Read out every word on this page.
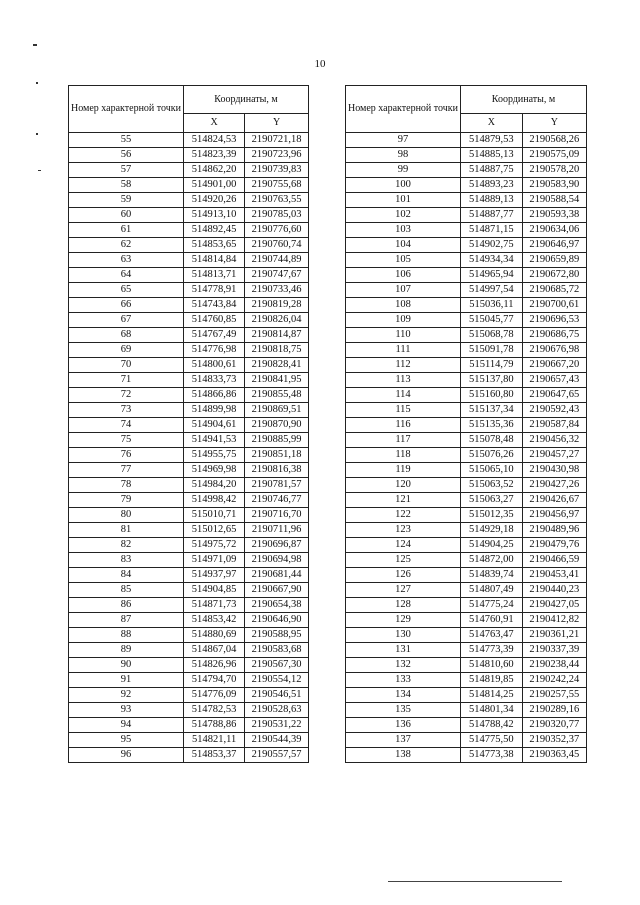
10
Номер характерной точки	Координаты, м	
	X	Y
55	514824,53	2190721,18
56	514823,39	2190723,96
57	514862,20	2190739,83
58	514901,00	2190755,68
59	514920,26	2190763,55
60	514913,10	2190785,03
61	514892,45	2190776,60
62	514853,65	2190760,74
63	514814,84	2190744,89
64	514813,71	2190747,67
65	514778,91	2190733,46
66	514743,84	2190819,28
67	514760,85	2190826,04
68	514767,49	2190814,87
69	514776,98	2190818,75
70	514800,61	2190828,41
71	514833,73	2190841,95
72	514866,86	2190855,48
73	514899,98	2190869,51
74	514904,61	2190870,90
75	514941,53	2190885,99
76	514955,75	2190851,18
77	514969,98	2190816,38
78	514984,20	2190781,57
79	514998,42	2190746,77
80	515010,71	2190716,70
81	515012,65	2190711,96
82	514975,72	2190696,87
83	514971,09	2190694,98
84	514937,97	2190681,44
85	514904,85	2190667,90
86	514871,73	2190654,38
87	514853,42	2190646,90
88	514880,69	2190588,95
89	514867,04	2190583,68
90	514826,96	2190567,30
91	514794,70	2190554,12
92	514776,09	2190546,51
93	514782,53	2190528,63
94	514788,86	2190531,22
95	514821,11	2190544,39
96	514853,37	2190557,57
Номер характерной точки	Координаты, м	
	X	Y
97	514879,53	2190568,26
98	514885,13	2190575,09
99	514887,75	2190578,20
100	514893,23	2190583,90
101	514889,13	2190588,54
102	514887,77	2190593,38
103	514871,15	2190634,06
104	514902,75	2190646,97
105	514934,34	2190659,89
106	514965,94	2190672,80
107	514997,54	2190685,72
108	515036,11	2190700,61
109	515045,77	2190696,53
110	515068,78	2190686,75
111	515091,78	2190676,98
112	515114,79	2190667,20
113	515137,80	2190657,43
114	515160,80	2190647,65
115	515137,34	2190592,43
116	515135,36	2190587,84
117	515078,48	2190456,32
118	515076,26	2190457,27
119	515065,10	2190430,98
120	515063,52	2190427,26
121	515063,27	2190426,67
122	515012,35	2190456,97
123	514929,18	2190489,96
124	514904,25	2190479,76
125	514872,00	2190466,59
126	514839,74	2190453,41
127	514807,49	2190440,23
128	514775,24	2190427,05
129	514760,91	2190412,82
130	514763,47	2190361,21
131	514773,39	2190337,39
132	514810,60	2190238,44
133	514819,85	2190242,24
134	514814,25	2190257,55
135	514801,34	2190289,16
136	514788,42	2190320,77
137	514775,50	2190352,37
138	514773,38	2190363,45
